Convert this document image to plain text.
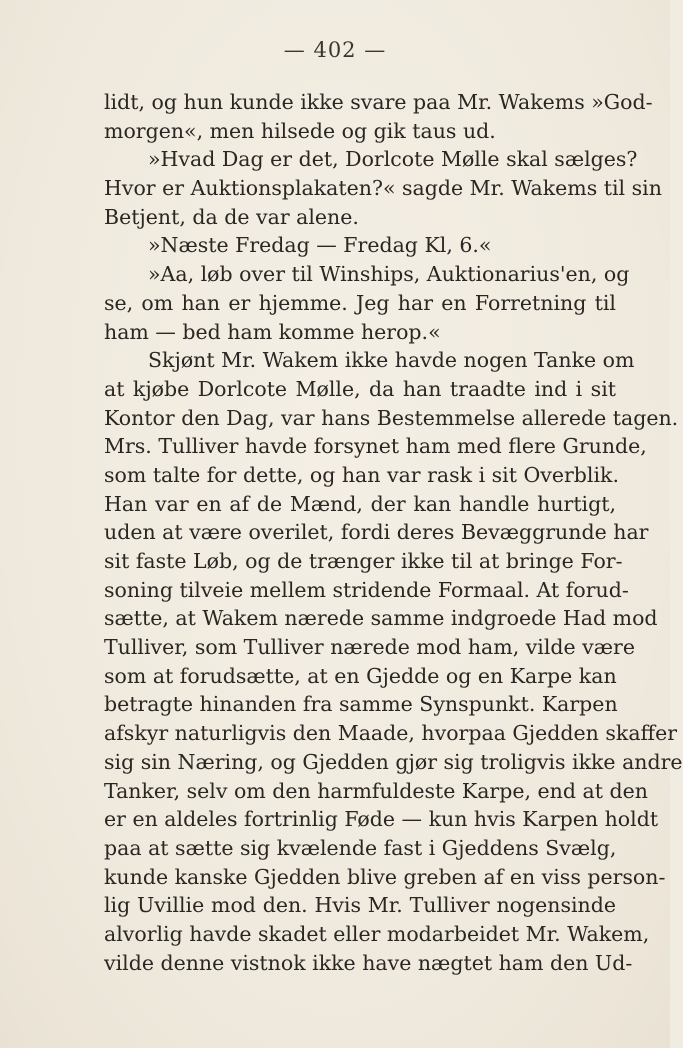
— 402 —
lidt, og hun kunde ikke svare paa Mr. Wakems »God-
morgen«, men hilsede og gik taus ud.
»Hvad Dag er det, Dorlcote Mølle skal sælges?
Hvor er Auktionsplakaten?« sagde Mr. Wakems til sin
Betjent, da de var alene.
»Næste Fredag — Fredag Kl, 6.«
»Aa, løb over til Winships, Auktionarius'en, og
se, om han er hjemme. Jeg har en Forretning til
ham — bed ham komme herop.«
Skjønt Mr. Wakem ikke havde nogen Tanke om
at kjøbe Dorlcote Mølle, da han traadte ind i sit
Kontor den Dag, var hans Bestemmelse allerede tagen.
Mrs. Tulliver havde forsynet ham med flere Grunde,
som talte for dette, og han var rask i sit Overblik.
Han var en af de Mænd, der kan handle hurtigt,
uden at være overilet, fordi deres Bevæggrunde har
sit faste Løb, og de trænger ikke til at bringe For-
soning tilveie mellem stridende Formaal. At forud-
sætte, at Wakem nærede samme indgroede Had mod
Tulliver, som Tulliver nærede mod ham, vilde være
som at forudsætte, at en Gjedde og en Karpe kan
betragte hinanden fra samme Synspunkt. Karpen
afskyr naturligvis den Maade, hvorpaa Gjedden skaffer
sig sin Næring, og Gjedden gjør sig troligvis ikke andre
Tanker, selv om den harmfuldeste Karpe, end at den
er en aldeles fortrinlig Føde — kun hvis Karpen holdt
paa at sætte sig kvælende fast i Gjeddens Svælg,
kunde kanske Gjedden blive greben af en viss person-
lig Uvillie mod den. Hvis Mr. Tulliver nogensinde
alvorlig havde skadet eller modarbeidet Mr. Wakem,
vilde denne vistnok ikke have nægtet ham den Ud-
